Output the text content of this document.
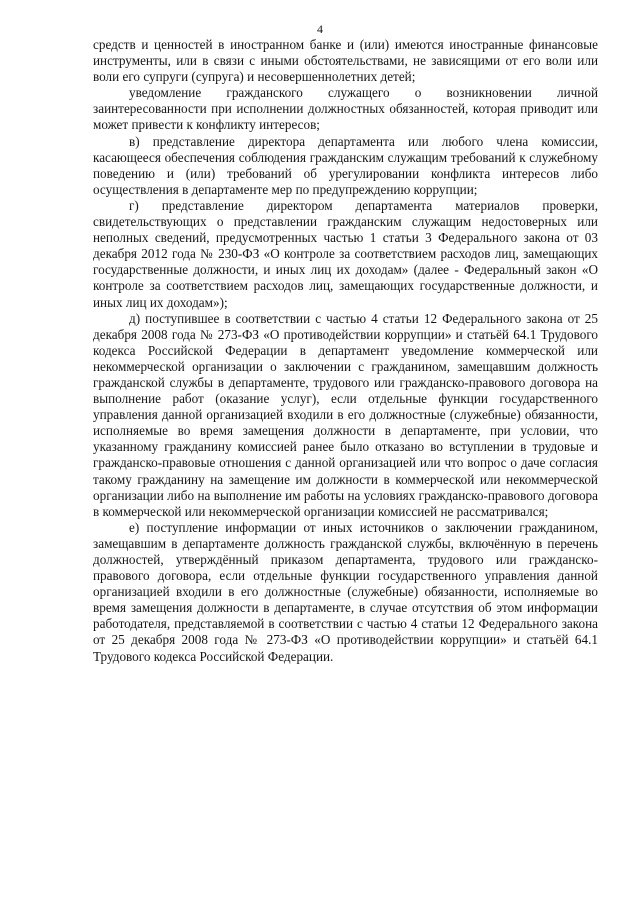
4

средств и ценностей в иностранном банке и (или) имеются иностранные финансовые инструменты, или в связи с иными обстоятельствами, не зависящими от его воли или воли его супруги (супруга) и несовершеннолетних детей;

уведомление гражданского служащего о возникновении личной заинтересованности при исполнении должностных обязанностей, которая приводит или может привести к конфликту интересов;

в) представление директора департамента или любого члена комиссии, касающееся обеспечения соблюдения гражданским служащим требований к служебному поведению и (или) требований об урегулировании конфликта интересов либо осуществления в департаменте мер по предупреждению коррупции;

г) представление директором департамента материалов проверки, свидетельствующих о представлении гражданским служащим недостоверных или неполных сведений, предусмотренных частью 1 статьи 3 Федерального закона от 03 декабря 2012 года № 230-ФЗ «О контроле за соответствием расходов лиц, замещающих государственные должности, и иных лиц их доходам» (далее - Федеральный закон «О контроле за соответствием расходов лиц, замещающих государственные должности, и иных лиц их доходам»);

д) поступившее в соответствии с частью 4 статьи 12 Федерального закона от 25 декабря 2008 года № 273-ФЗ «О противодействии коррупции» и статьёй 64.1 Трудового кодекса Российской Федерации в департамент уведомление коммерческой или некоммерческой организации о заключении с гражданином, замещавшим должность гражданской службы в департаменте, трудового или гражданско-правового договора на выполнение работ (оказание услуг), если отдельные функции государственного управления данной организацией входили в его должностные (служебные) обязанности, исполняемые во время замещения должности в департаменте, при условии, что указанному гражданину комиссией ранее было отказано во вступлении в трудовые и гражданско-правовые отношения с данной организацией или что вопрос о даче согласия такому гражданину на замещение им должности в коммерческой или некоммерческой организации либо на выполнение им работы на условиях гражданско-правового договора в коммерческой или некоммерческой организации комиссией не рассматривался;

е) поступление информации от иных источников о заключении гражданином, замещавшим в департаменте должность гражданской службы, включённую в перечень должностей, утверждённый приказом департамента, трудового или гражданско-правового договора, если отдельные функции государственного управления данной организацией входили в его должностные (служебные) обязанности, исполняемые во время замещения должности в департаменте, в случае отсутствия об этом информации работодателя, представляемой в соответствии с частью 4 статьи 12 Федерального закона от 25 декабря 2008 года № 273-ФЗ «О противодействии коррупции» и статьёй 64.1 Трудового кодекса Российской Федерации.
